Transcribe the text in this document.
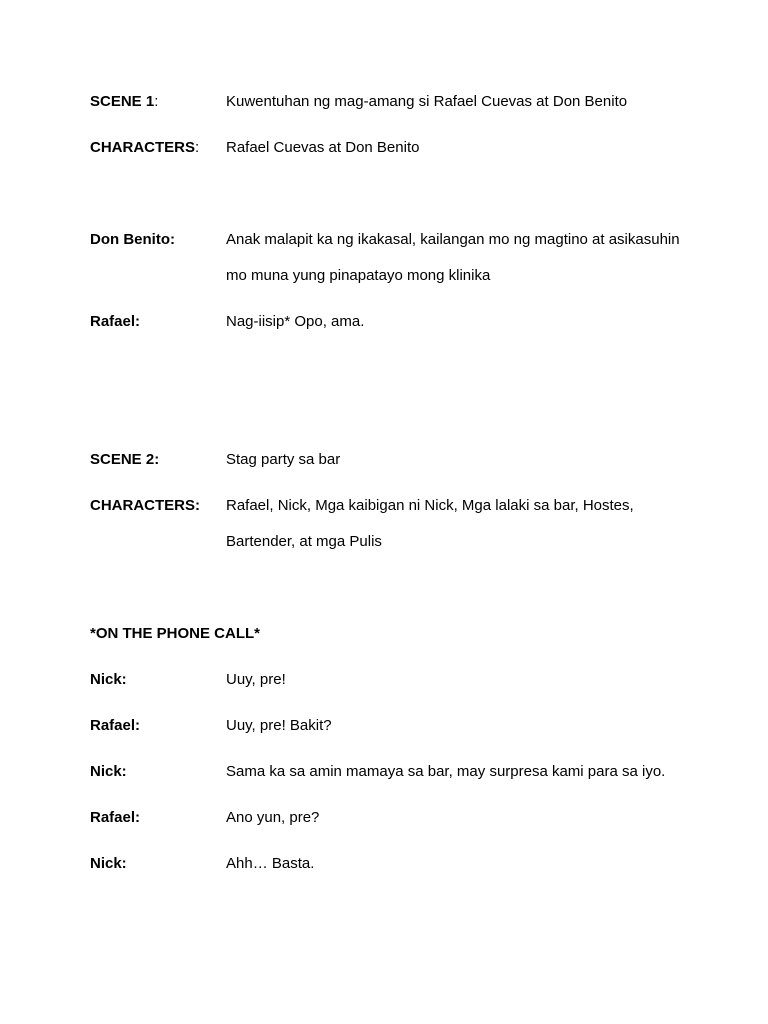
SCENE 1:	Kuwentuhan ng mag-amang si Rafael Cuevas at Don Benito
CHARACTERS:	Rafael Cuevas at Don Benito
Don Benito:	Anak malapit ka ng ikakasal, kailangan mo ng magtino at asikasuhin mo muna yung pinapatayo mong klinika
Rafael:	Nag-iisip* Opo, ama.
SCENE 2:	Stag party sa bar
CHARACTERS:	Rafael, Nick, Mga kaibigan ni Nick, Mga lalaki sa bar, Hostes, Bartender, at mga Pulis
*ON THE PHONE CALL*
Nick:	Uuy, pre!
Rafael:	Uuy, pre! Bakit?
Nick:	Sama ka sa amin mamaya sa bar, may surpresa kami para sa iyo.
Rafael:	Ano yun, pre?
Nick:	Ahh… Basta.
